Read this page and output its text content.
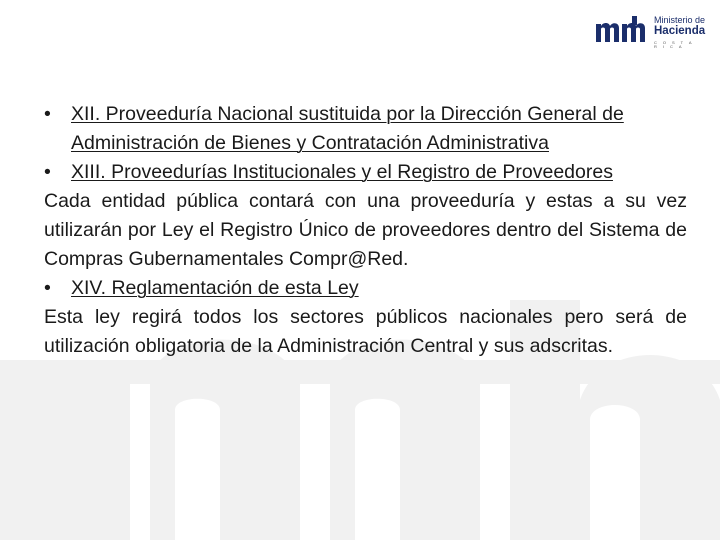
Ministerio de
Hacienda
COSTA RICA

•	XII. Proveeduría Nacional sustituida por la Dirección General de Administración de Bienes y Contratación Administrativa

•	XIII. Proveedurías Institucionales y el Registro de Proveedores

Cada entidad pública contará con una proveeduría y estas a su vez utilizarán por Ley el Registro Único de proveedores dentro del Sistema de Compras Gubernamentales Compr@Red.

•	XIV. Reglamentación de esta Ley

Esta ley regirá todos los sectores públicos nacionales pero será de utilización obligatoria de la Administración Central y sus adscritas.
